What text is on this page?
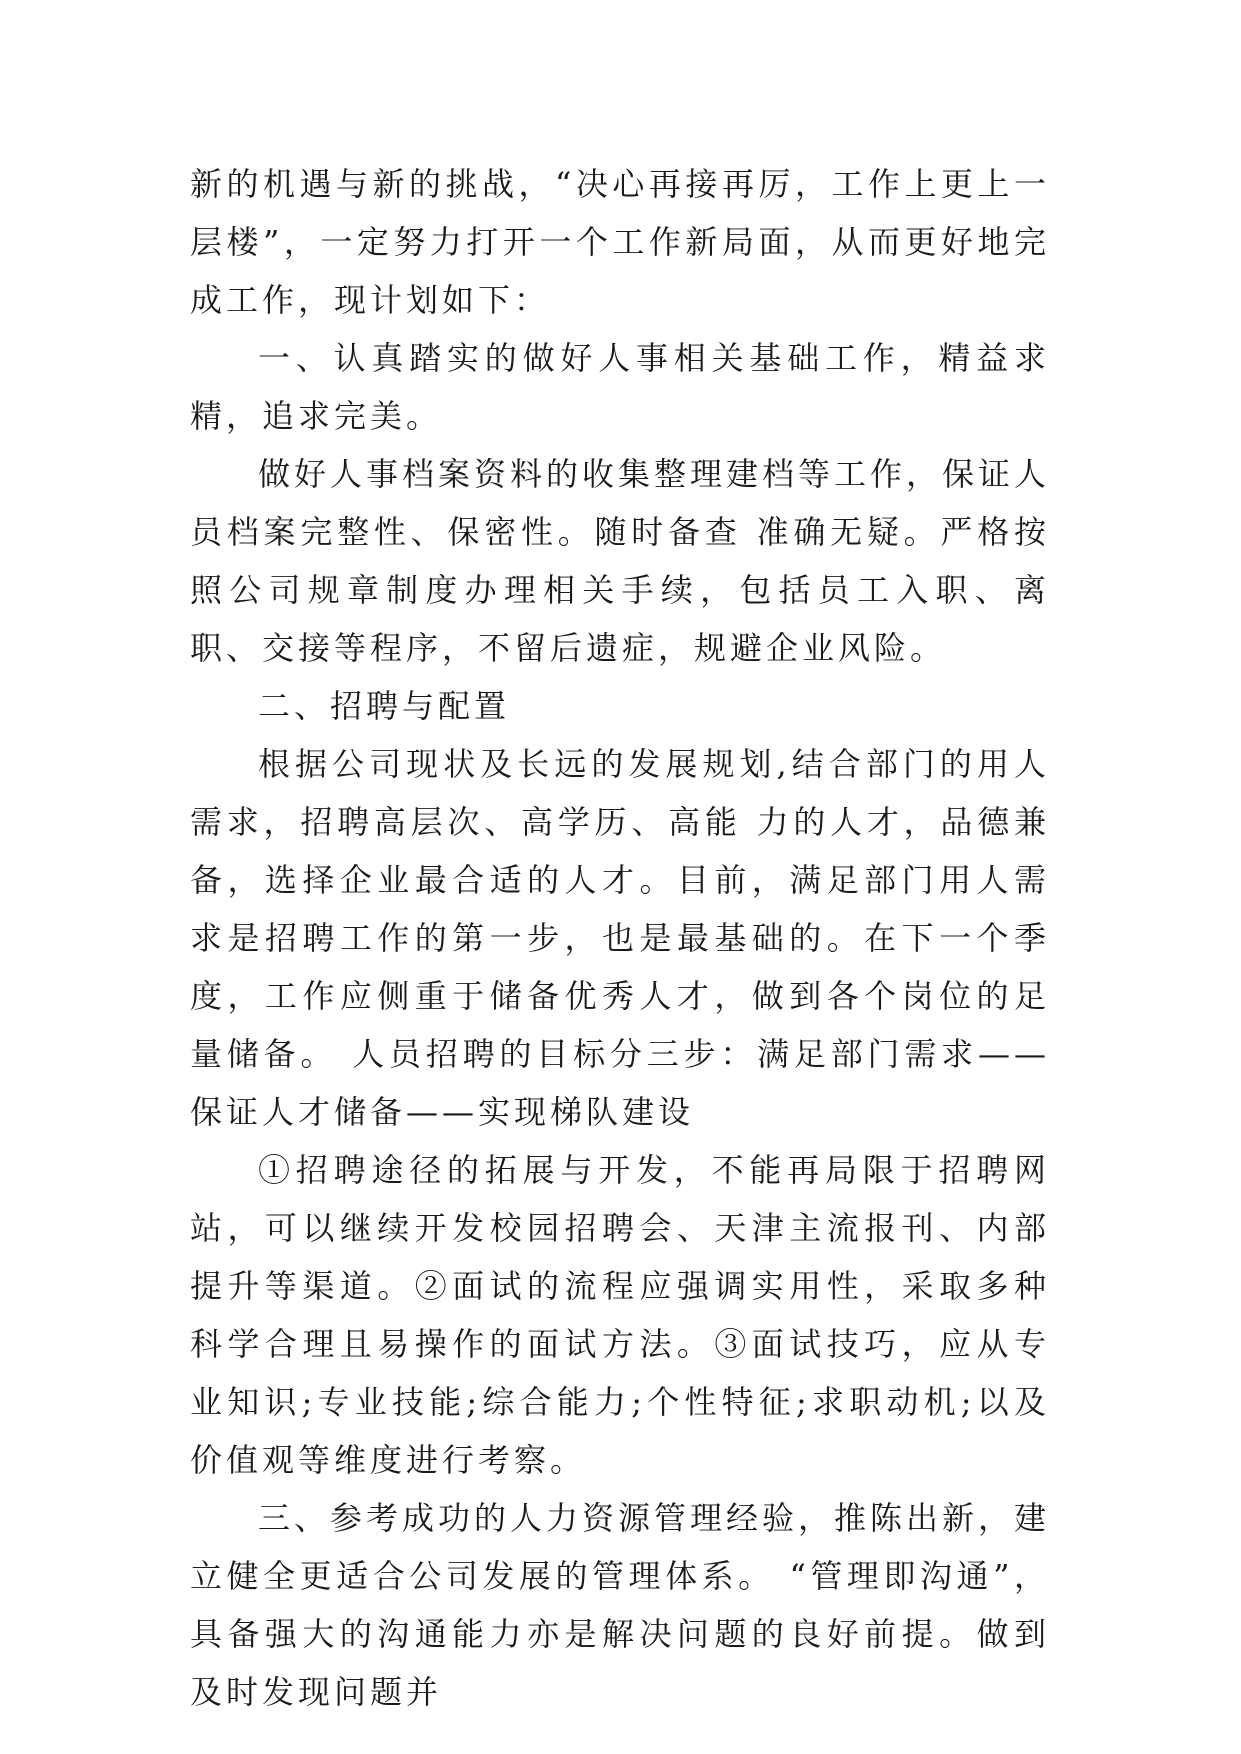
新的机遇与新的挑战，“决心再接再厉，工作上更上一层楼”，一定努力打开一个工作新局面，从而更好地完成工作，现计划如下：

一、认真踏实的做好人事相关基础工作，精益求精，追求完美。

做好人事档案资料的收集整理建档等工作，保证人员档案完整性、保密性。随时备查 准确无疑。严格按照公司规章制度办理相关手续，包括员工入职、离职、交接等程序，不留后遗症，规避企业风险。

二、招聘与配置

根据公司现状及长远的发展规划,结合部门的用人需求，招聘高层次、高学历、高能 力的人才，品德兼备，选择企业最合适的人才。目前，满足部门用人需求是招聘工作的第一步，也是最基础的。在下一个季度，工作应侧重于储备优秀人才，做到各个岗位的足量储备。 人员招聘的目标分三步：满足部门需求——保证人才储备——实现梯队建设

①招聘途径的拓展与开发，不能再局限于招聘网站，可以继续开发校园招聘会、天津主流报刊、内部提升等渠道。②面试的流程应强调实用性，采取多种科学合理且易操作的面试方法。③面试技巧，应从专业知识;专业技能;综合能力;个性特征;求职动机;以及价值观等维度进行考察。

三、参考成功的人力资源管理经验，推陈出新，建立健全更适合公司发展的管理体系。 “管理即沟通”，具备强大的沟通能力亦是解决问题的良好前提。做到及时发现问题并
